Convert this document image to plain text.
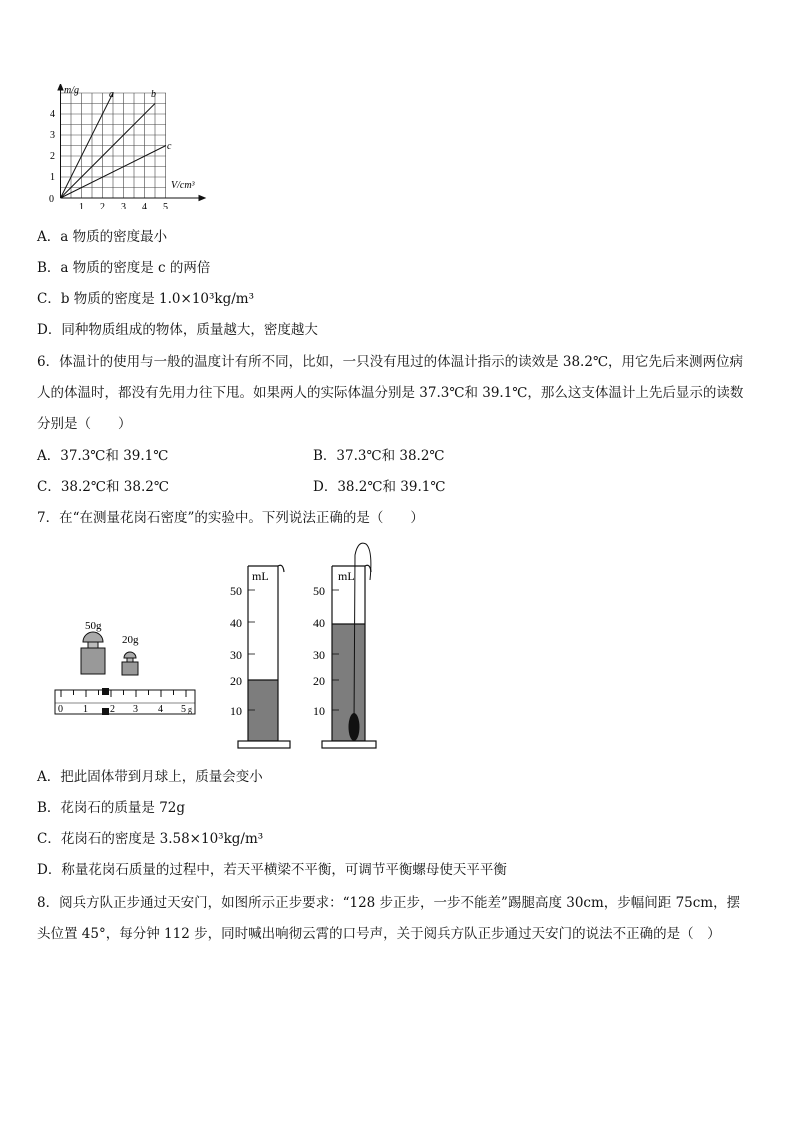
m/g
V/cm³
0
1
2
3
4
1 2 3 4 5
a	b
c
A．a 物质的密度最小
B．a 物质的密度是 c 的两倍
C．b 物质的密度是 1.0×10³kg/m³
D．同种物质组成的物体，质量越大，密度越大
6．体温计的使用与一般的温度计有所不同，比如，一只没有甩过的体温计指示的读效是 38.2℃，用它先后来测两位病
人的体温时，都没有先用力往下甩。如果两人的实际体温分别是 37.3℃和 39.1℃，那么这支体温计上先后显示的读数
分别是（　　）
A．37.3℃和 39.1℃	B．37.3℃和 38.2℃
C．38.2℃和 38.2℃	D．38.2℃和 39.1℃
7．在“在测量花岗石密度”的实验中。下列说法正确的是（　　）
50g
20g
0 1 2 3 4 5 g
mL
50
40
30
20
10
mL
50
40
30
20
10
A．把此固体带到月球上，质量会变小
B．花岗石的质量是 72g
C．花岗石的密度是 3.58×10³kg/m³
D．称量花岗石质量的过程中，若天平横梁不平衡，可调节平衡螺母使天平平衡
8．阅兵方队正步通过天安门，如图所示正步要求：“128 步正步，一步不能差”踢腿高度 30cm，步幅间距 75cm，摆
头位置 45°，每分钟 112 步，同时喊出响彻云霄的口号声，关于阅兵方队正步通过天安门的说法不正确的是（　）
